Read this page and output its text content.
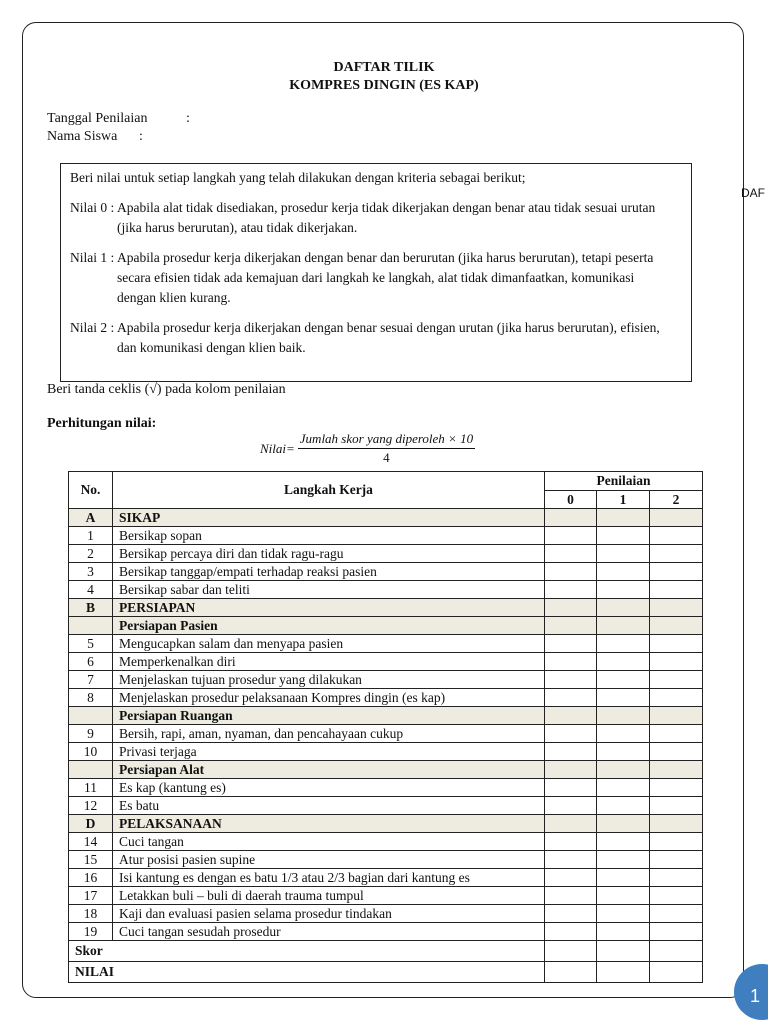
DAFTAR TILIK
KOMPRES DINGIN (ES KAP)
Tanggal Penilaian	:
Nama Siswa :
Beri nilai untuk setiap langkah yang telah dilakukan dengan kriteria sebagai berikut;
Nilai 0 : Apabila alat tidak disediakan, prosedur kerja tidak dikerjakan dengan benar atau tidak sesuai urutan (jika harus berurutan), atau tidak dikerjakan.
Nilai 1 : Apabila prosedur kerja dikerjakan dengan benar dan berurutan (jika harus berurutan), tetapi peserta secara efisien tidak ada kemajuan dari langkah ke langkah, alat tidak dimanfaatkan, komunikasi dengan klien kurang.
Nilai 2 : Apabila prosedur kerja dikerjakan dengan benar sesuai dengan urutan (jika harus berurutan), efisien, dan komunikasi dengan klien baik.
DAF
Beri tanda ceklis (√) pada kolom penilaian
Perhitungan nilai:
Nilai= $\frac{\text{Jumlah skor yang diperoleh × 10}}{4}$
No.	Langkah Kerja	Penilaian		
		0	1	2
A	SIKAP			
1	Bersikap sopan			
2	Bersikap percaya diri dan tidak ragu-ragu			
3	Bersikap tanggap/empati terhadap reaksi pasien			
4	Bersikap sabar dan teliti			
B	PERSIAPAN			
	Persiapan Pasien			
5	Mengucapkan salam dan menyapa pasien			
6	Memperkenalkan diri			
7	Menjelaskan tujuan prosedur yang dilakukan			
8	Menjelaskan prosedur pelaksanaan Kompres dingin (es kap)			
	Persiapan Ruangan			
9	Bersih, rapi, aman, nyaman, dan pencahayaan cukup			
10	Privasi terjaga			
	Persiapan Alat			
11	Es kap (kantung es)			
12	Es batu			
D	PELAKSANAAN			
14	Cuci tangan			
15	Atur posisi pasien supine			
16	Isi kantung es dengan es batu 1/3 atau 2/3 bagian dari kantung es			
17	Letakkan buli – buli di daerah trauma tumpul			
18	Kaji dan evaluasi pasien selama prosedur tindakan			
19	Cuci tangan sesudah prosedur			
Skor				
NILAI				
1
